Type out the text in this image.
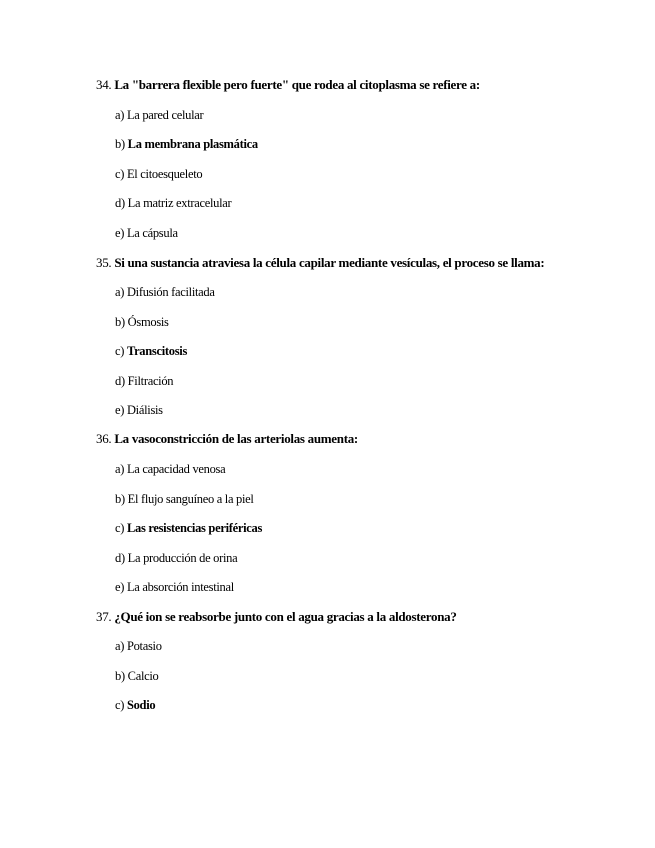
34. La "barrera flexible pero fuerte" que rodea al citoplasma se refiere a:
a) La pared celular
b) La membrana plasmática
c) El citoesqueleto
d) La matriz extracelular
e) La cápsula
35. Si una sustancia atraviesa la célula capilar mediante vesículas, el proceso se llama:
a) Difusión facilitada
b) Ósmosis
c) Transcitosis
d) Filtración
e) Diálisis
36. La vasoconstricción de las arteriolas aumenta:
a) La capacidad venosa
b) El flujo sanguíneo a la piel
c) Las resistencias periféricas
d) La producción de orina
e) La absorción intestinal
37. ¿Qué ion se reabsorbe junto con el agua gracias a la aldosterona?
a) Potasio
b) Calcio
c) Sodio
